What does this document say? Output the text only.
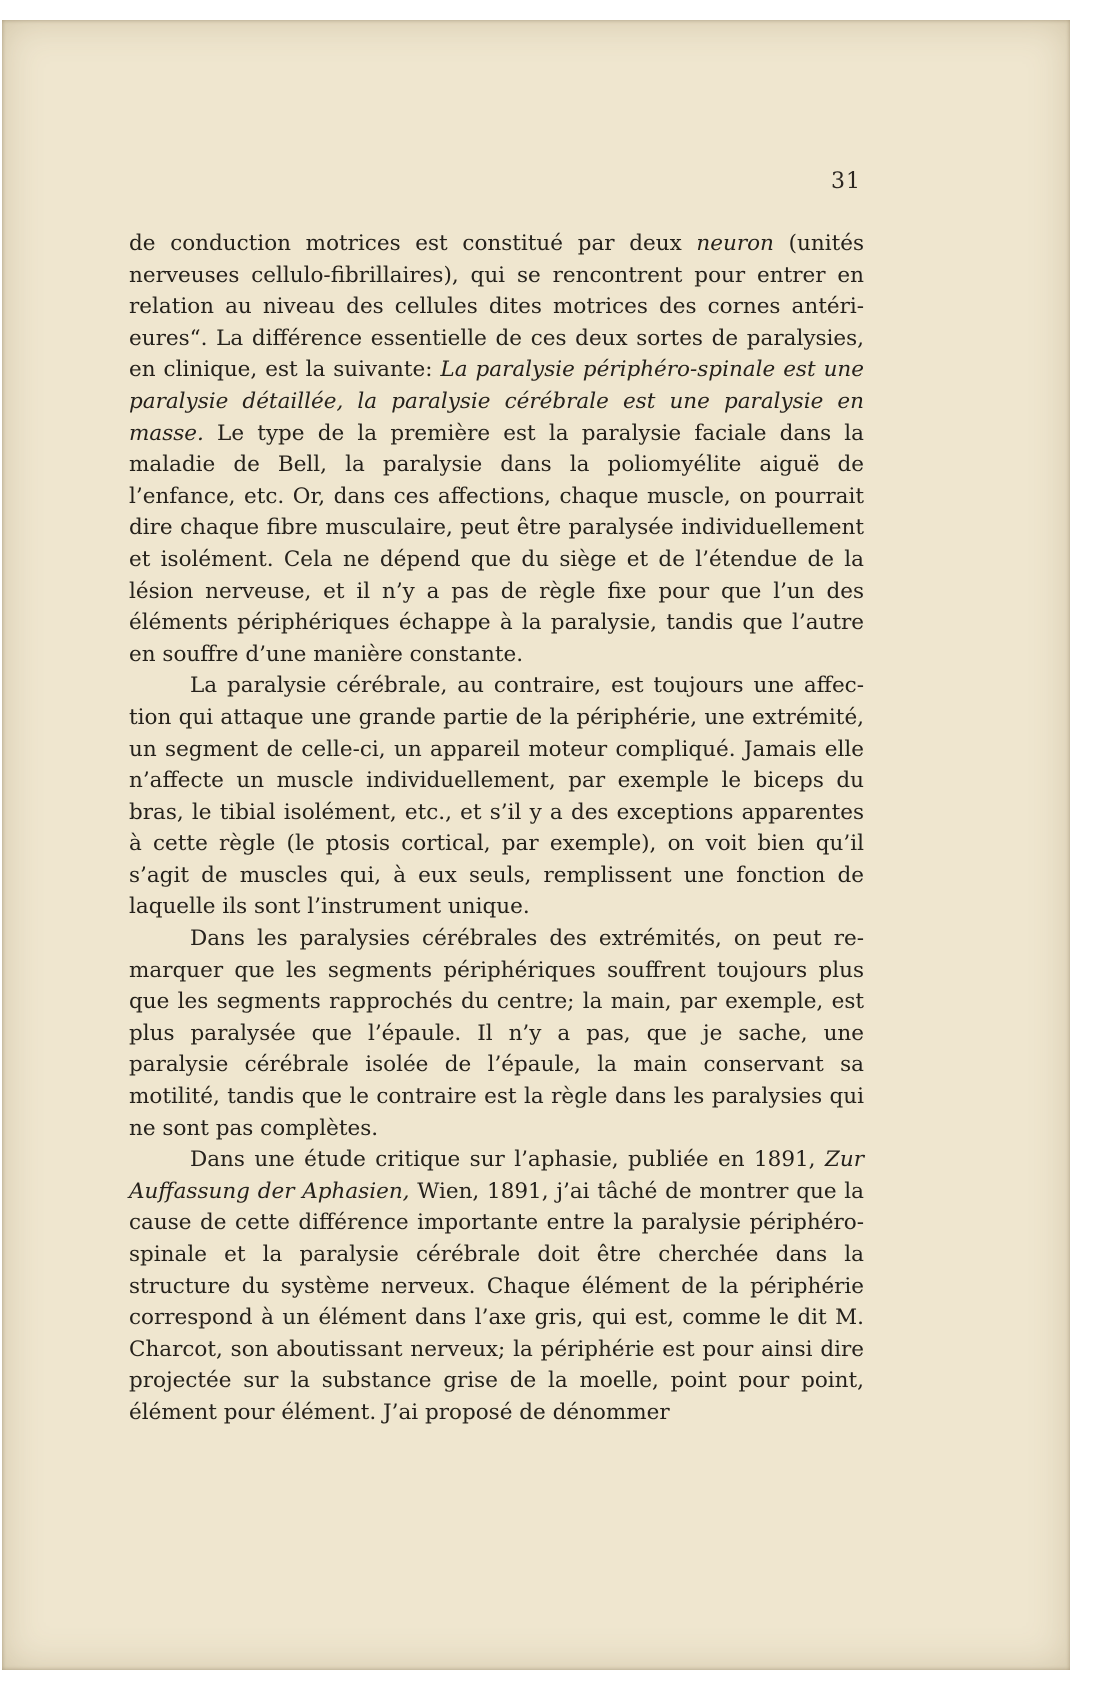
31

de conduction motrices est constitué par deux neuron (unités nerveuses cellulo-fibrillaires), qui se rencontrent pour entrer en relation au niveau des cellules dites motrices des cornes antérieures“. La différence essentielle de ces deux sortes de paralysies, en clinique, est la suivante: La paralysie périphéro-spinale est une paralysie détaillée, la paralysie cérébrale est une paralysie en masse. Le type de la première est la paralysie faciale dans la maladie de Bell, la paralysie dans la poliomyélite aiguë de l’enfance, etc. Or, dans ces affections, chaque muscle, on pourrait dire chaque fibre musculaire, peut être paralysée individuellement et isolément. Cela ne dépend que du siège et de l’étendue de la lésion nerveuse, et il n’y a pas de règle fixe pour que l’un des éléments périphériques échappe à la paralysie, tandis que l’autre en souffre d’une manière constante.

La paralysie cérébrale, au contraire, est toujours une affection qui attaque une grande partie de la périphérie, une extrémité, un segment de celle-ci, un appareil moteur compliqué. Jamais elle n’affecte un muscle individuellement, par exemple le biceps du bras, le tibial isolément, etc., et s’il y a des exceptions apparentes à cette règle (le ptosis cortical, par exemple), on voit bien qu’il s’agit de muscles qui, à eux seuls, remplissent une fonction de laquelle ils sont l’instrument unique.

Dans les paralysies cérébrales des extrémités, on peut remarquer que les segments périphériques souffrent toujours plus que les segments rapprochés du centre; la main, par exemple, est plus paralysée que l’épaule. Il n’y a pas, que je sache, une paralysie cérébrale isolée de l’épaule, la main conservant sa motilité, tandis que le contraire est la règle dans les paralysies qui ne sont pas complètes.

Dans une étude critique sur l’aphasie, publiée en 1891, Zur Auffassung der Aphasien, Wien, 1891, j’ai tâché de montrer que la cause de cette différence importante entre la paralysie périphéro-spinale et la paralysie cérébrale doit être cherchée dans la structure du système nerveux. Chaque élément de la périphérie correspond à un élément dans l’axe gris, qui est, comme le dit M. Charcot, son aboutissant nerveux; la périphérie est pour ainsi dire projectée sur la substance grise de la moelle, point pour point, élément pour élément. J’ai proposé de dénommer
